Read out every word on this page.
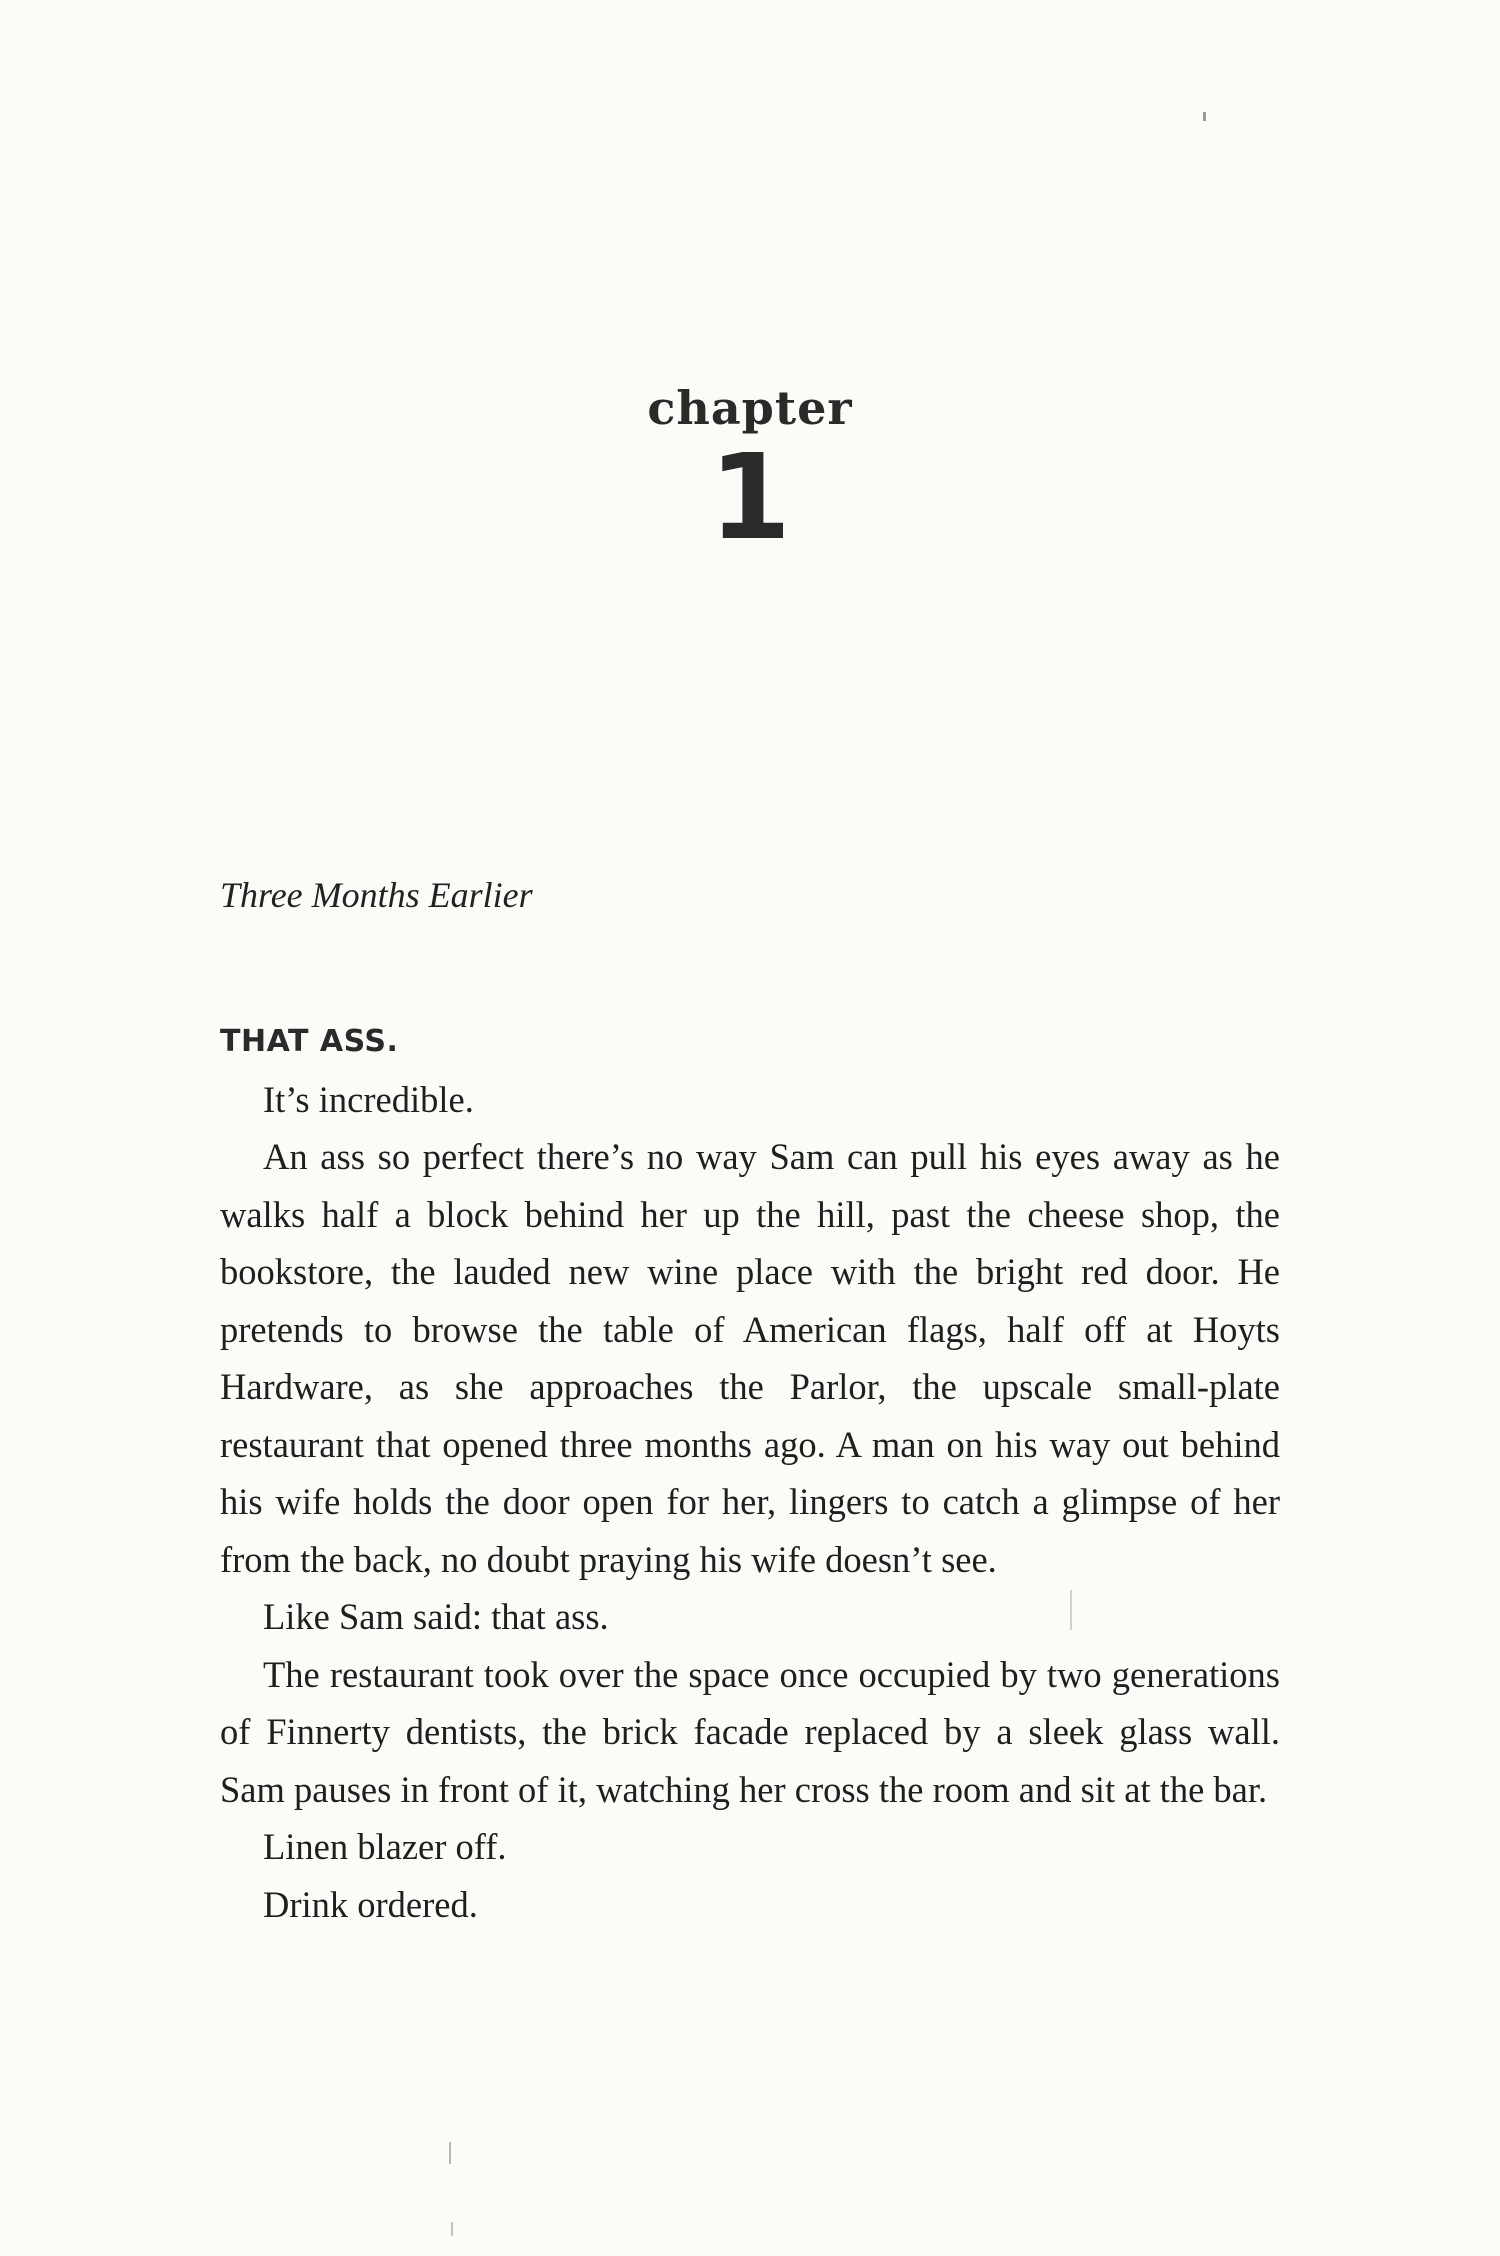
chapter
1
Three Months Earlier

THAT ASS.

It’s incredible.

An ass so perfect there’s no way Sam can pull his eyes away as he walks half a block behind her up the hill, past the cheese shop, the bookstore, the lauded new wine place with the bright red door. He pretends to browse the table of American flags, half off at Hoyts Hardware, as she approaches the Parlor, the upscale small-plate restaurant that opened three months ago. A man on his way out behind his wife holds the door open for her, lingers to catch a glimpse of her from the back, no doubt praying his wife doesn’t see.

Like Sam said: that ass.

The restaurant took over the space once occupied by two generations of Finnerty dentists, the brick facade replaced by a sleek glass wall. Sam pauses in front of it, watching her cross the room and sit at the bar.

Linen blazer off.

Drink ordered.
